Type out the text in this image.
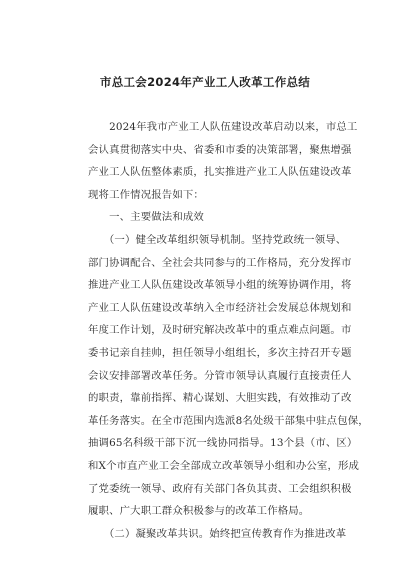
市总工会2024年产业工人改革工作总结
　　2024年我市产业工人队伍建设改革启动以来，市总工
会认真贯彻落实中央、省委和市委的决策部署，聚焦增强
产业工人队伍整体素质，扎实推进产业工人队伍建设改革
现将工作情况报告如下：
　　一、主要做法和成效
　　（一）健全改革组织领导机制。坚持党政统一领导、
部门协调配合、全社会共同参与的工作格局，充分发挥市
推进产业工人队伍建设改革领导小组的统筹协调作用，将
产业工人队伍建设改革纳入全市经济社会发展总体规划和
年度工作计划，及时研究解决改革中的重点难点问题。市
委书记亲自挂帅，担任领导小组组长，多次主持召开专题
会议安排部署改革任务。分管市领导认真履行直接责任人
的职责，靠前指挥、精心谋划、大胆实践，有效推动了改
革任务落实。在全市范围内选派8名处级干部集中驻点包保，
抽调65名科级干部下沉一线协同指导。13个县（市、区）
和X个市直产业工会全部成立改革领导小组和办公室，形成
了党委统一领导、政府有关部门各负其责、工会组织积极
履职、广大职工群众积极参与的改革工作格局。
　　（二）凝聚改革共识。始终把宣传教育作为推进改革
